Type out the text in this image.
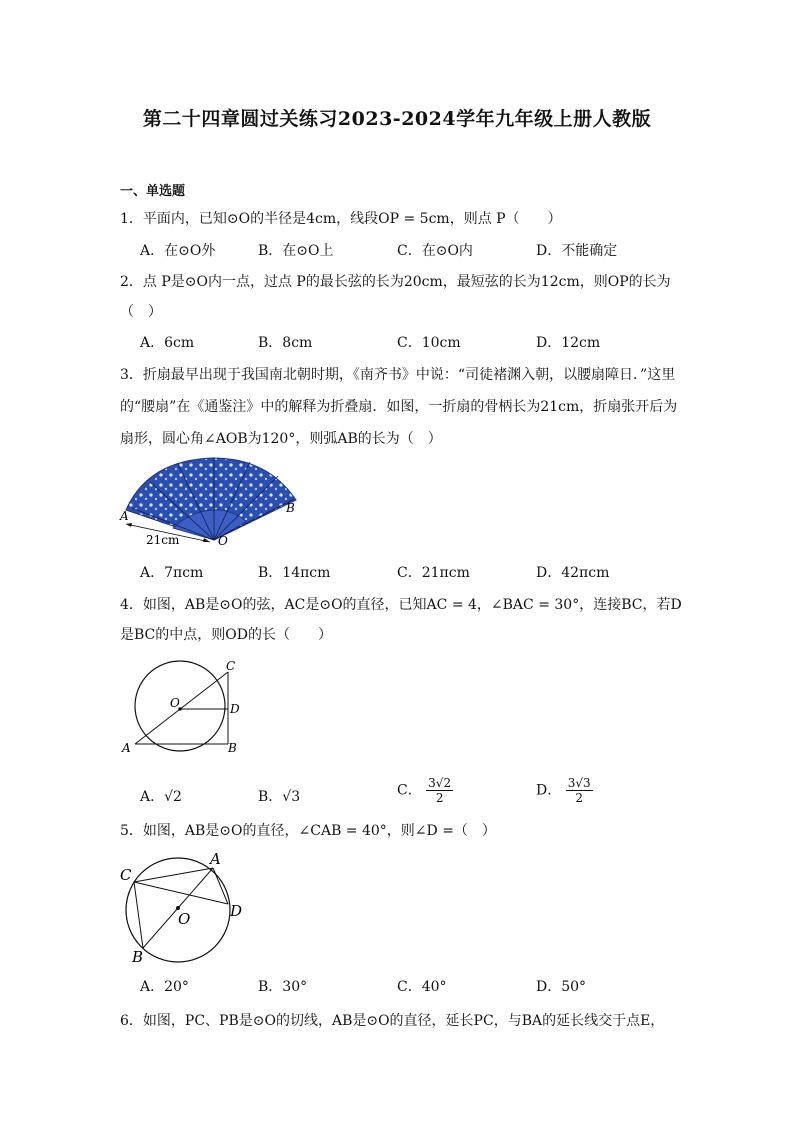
第二十四章圆过关练习2023-2024学年九年级上册人教版
一、单选题
1．平面内，已知⊙O的半径是4cm，线段OP = 5cm，则点 P（　　）
A．在⊙O外	B．在⊙O上	C．在⊙O内	D．不能确定
2．点 P是⊙O内一点，过点 P的最长弦的长为20cm，最短弦的长为12cm，则OP的长为
（　）
A．6cm	B．8cm	C．10cm	D．12cm
3．折扇最早出现于我国南北朝时期，《南齐书》中说：“司徒褚渊入朝，以腰扇障日．”这里
的“腰扇”在《通鉴注》中的解释为折叠扇．如图，一折扇的骨柄长为21cm，折扇张开后为
扇形，圆心角∠AOB为120°，则弧AB的长为（　）
A
B
O
21cm
A．7πcm	B．14πcm	C．21πcm	D．42πcm
4．如图，AB是⊙O的弦，AC是⊙O的直径，已知AC = 4，∠BAC = 30°，连接BC，若D
是BC的中点，则OD的长（　　）
A	B
C
D
O
A．√2	B．√3	C． $\frac{3√2}{2}$	D． $\frac{3√3}{2}$
5．如图，AB是⊙O的直径，∠CAB = 40°，则∠D =（　）
A
B
C
D
O
A．20°	B．30°	C．40°	D．50°
6．如图，PC、PB是⊙O的切线，AB是⊙O的直径，延长PC，与BA的延长线交于点E，
